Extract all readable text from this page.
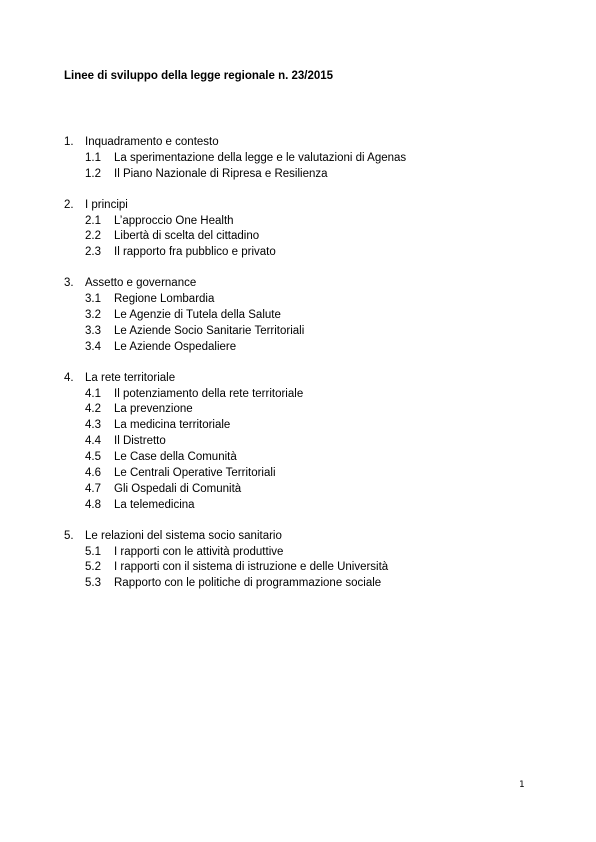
Linee di sviluppo della legge regionale n. 23/2015
1. Inquadramento e contesto
1.1	La sperimentazione della legge e le valutazioni di Agenas
1.2	Il Piano Nazionale di Ripresa e Resilienza
2. I principi
2.1	L’approccio One Health
2.2	Libertà di scelta del cittadino
2.3	Il rapporto fra pubblico e privato
3. Assetto e governance
3.1	Regione Lombardia
3.2	Le Agenzie di Tutela della Salute
3.3	Le Aziende Socio Sanitarie Territoriali
3.4	Le Aziende Ospedaliere
4. La rete territoriale
4.1	Il potenziamento della rete territoriale
4.2	La prevenzione
4.3	La medicina territoriale
4.4	Il Distretto
4.5	Le Case della Comunità
4.6	Le Centrali Operative Territoriali
4.7	Gli Ospedali di Comunità
4.8	La telemedicina
5. Le relazioni del sistema socio sanitario
5.1	I rapporti con le attività produttive
5.2	I rapporti con il sistema di istruzione e delle Università
5.3	Rapporto con le politiche di programmazione sociale
1
